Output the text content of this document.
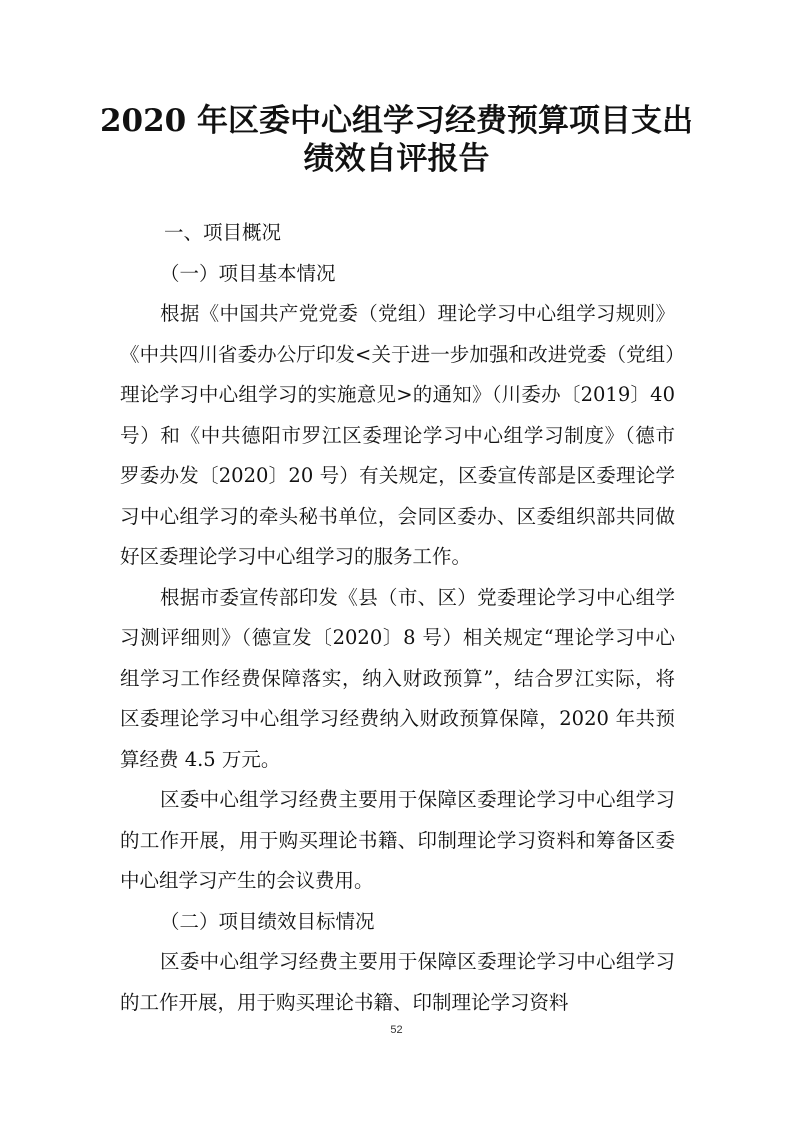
2020 年区委中心组学习经费预算项目支出
绩效自评报告

一、项目概况

（一）项目基本情况

根据《中国共产党党委（党组）理论学习中心组学习规则》《中共四川省委办公厅印发<关于进一步加强和改进党委（党组）理论学习中心组学习的实施意见>的通知》（川委办〔2019〕40 号）和《中共德阳市罗江区委理论学习中心组学习制度》（德市罗委办发〔2020〕20 号）有关规定，区委宣传部是区委理论学习中心组学习的牵头秘书单位，会同区委办、区委组织部共同做好区委理论学习中心组学习的服务工作。

根据市委宣传部印发《县（市、区）党委理论学习中心组学习测评细则》（德宣发〔2020〕8 号）相关规定“理论学习中心组学习工作经费保障落实，纳入财政预算”，结合罗江实际，将区委理论学习中心组学习经费纳入财政预算保障，2020 年共预算经费 4.5 万元。

区委中心组学习经费主要用于保障区委理论学习中心组学习的工作开展，用于购买理论书籍、印制理论学习资料和筹备区委中心组学习产生的会议费用。

（二）项目绩效目标情况

区委中心组学习经费主要用于保障区委理论学习中心组学习的工作开展，用于购买理论书籍、印制理论学习资料

52
